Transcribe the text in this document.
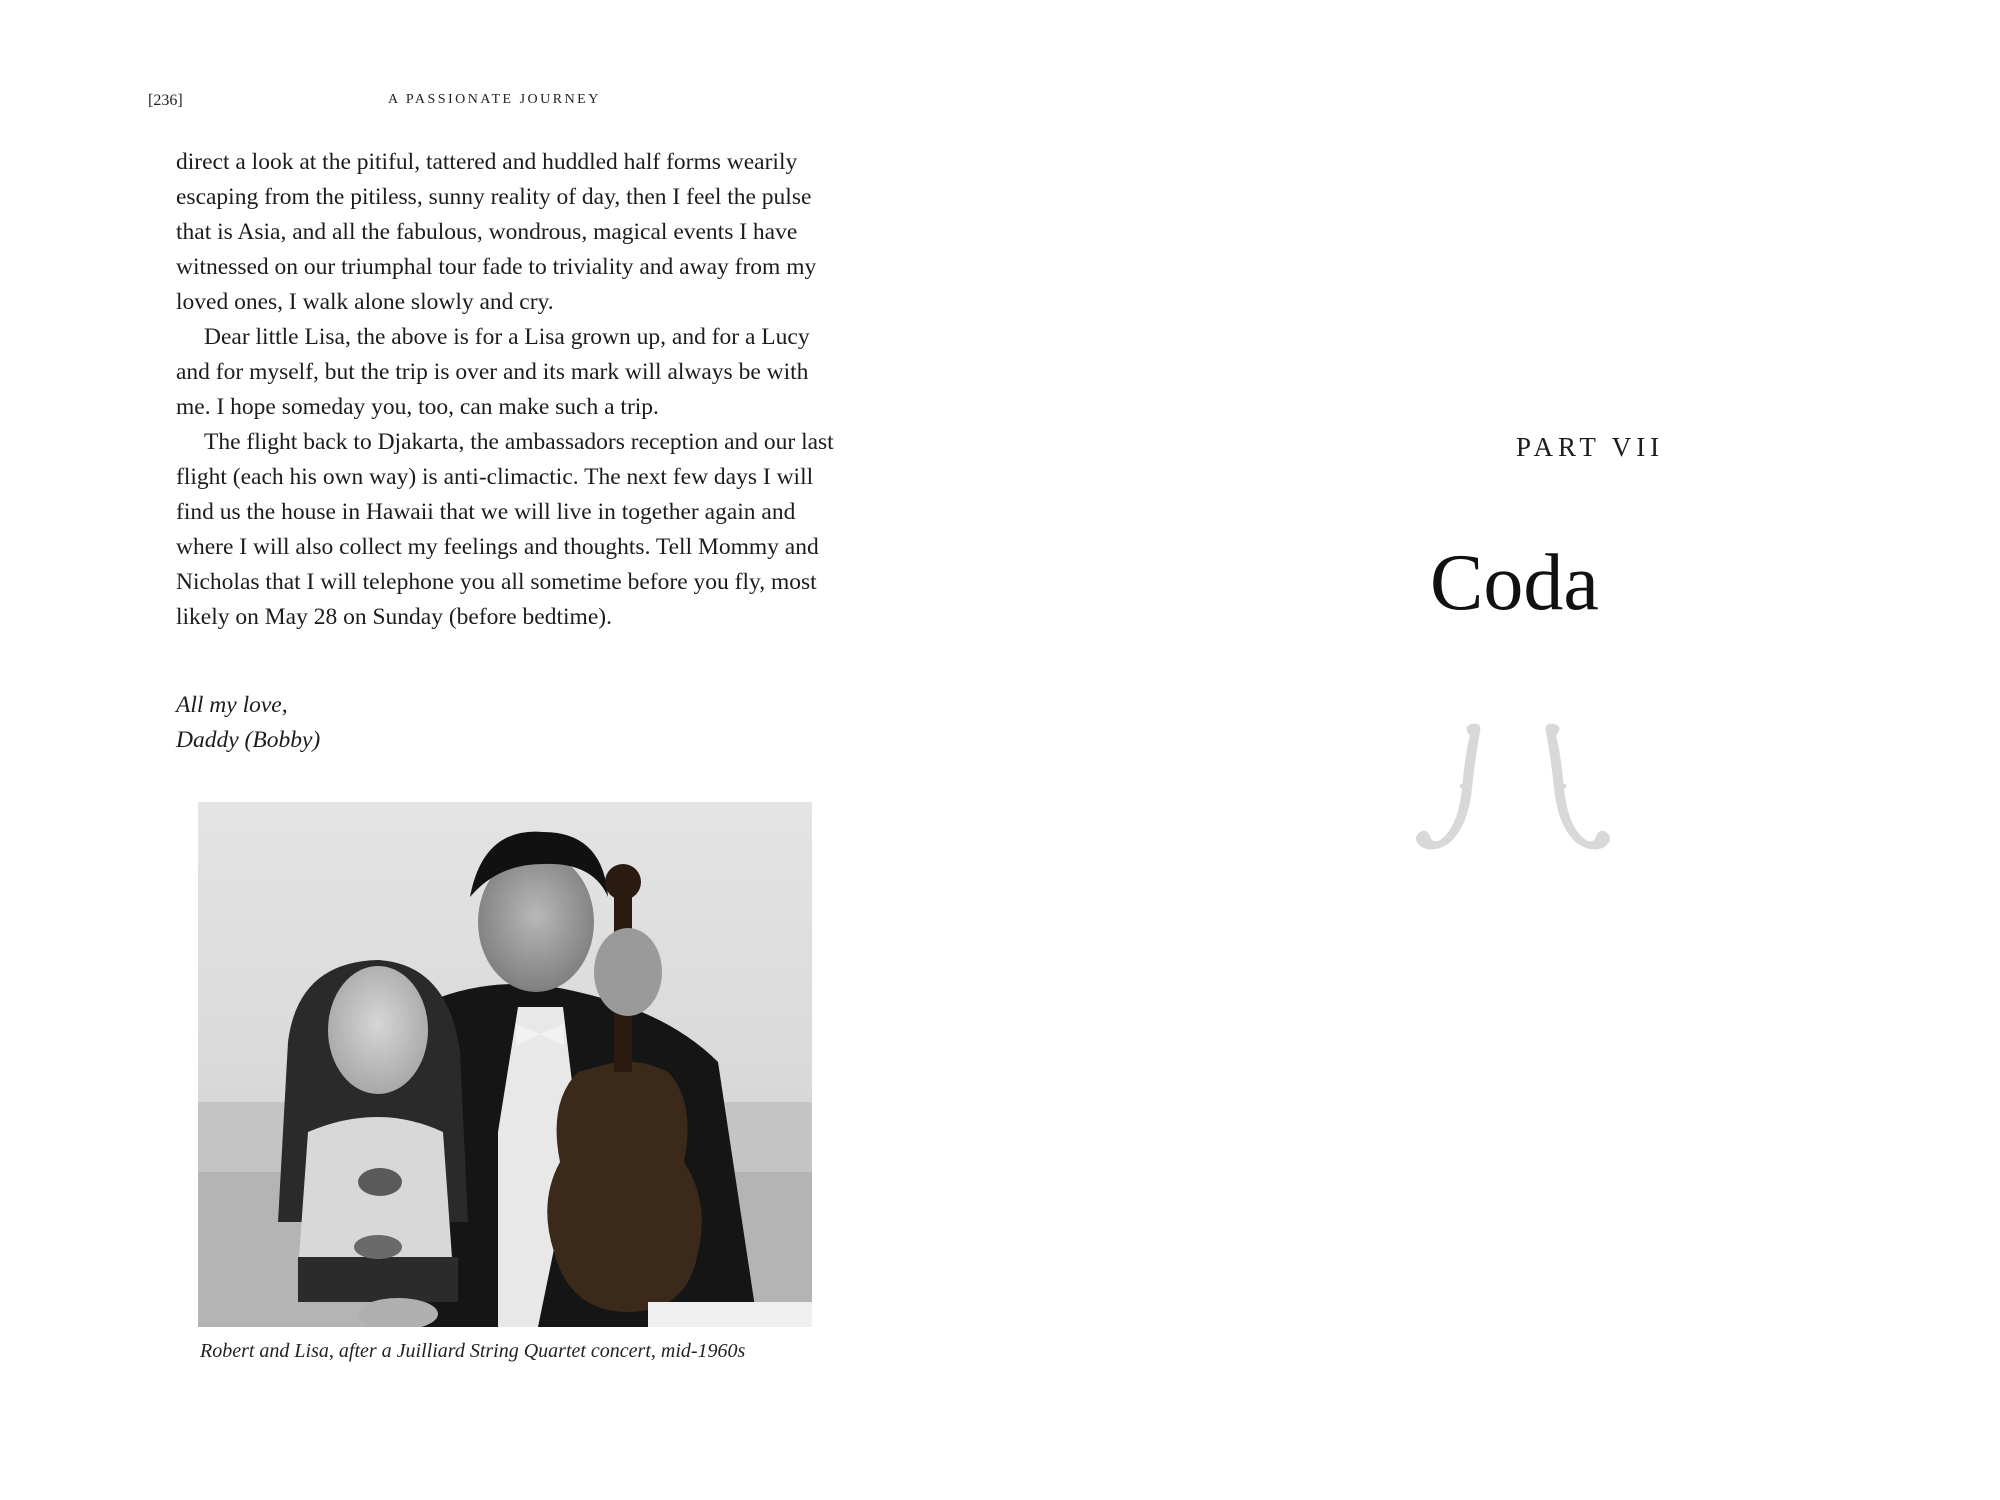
[236]	A PASSIONATE JOURNEY

direct a look at the pitiful, tattered and huddled half forms wearily escaping from the pitiless, sunny reality of day, then I feel the pulse that is Asia, and all the fabulous, wondrous, magical events I have witnessed on our triumphal tour fade to triviality and away from my loved ones, I walk alone slowly and cry.

Dear little Lisa, the above is for a Lisa grown up, and for a Lucy and for myself, but the trip is over and its mark will always be with me. I hope someday you, too, can make such a trip.

The flight back to Djakarta, the ambassadors reception and our last flight (each his own way) is anti-climactic. The next few days I will find us the house in Hawaii that we will live in together again and where I will also collect my feelings and thoughts. Tell Mommy and Nicholas that I will telephone you all sometime before you fly, most likely on May 28 on Sunday (before bedtime).

All my love,
Daddy (Bobby)
Robert and Lisa, after a Juilliard String Quartet concert, mid-1960s
PART VII
Coda
